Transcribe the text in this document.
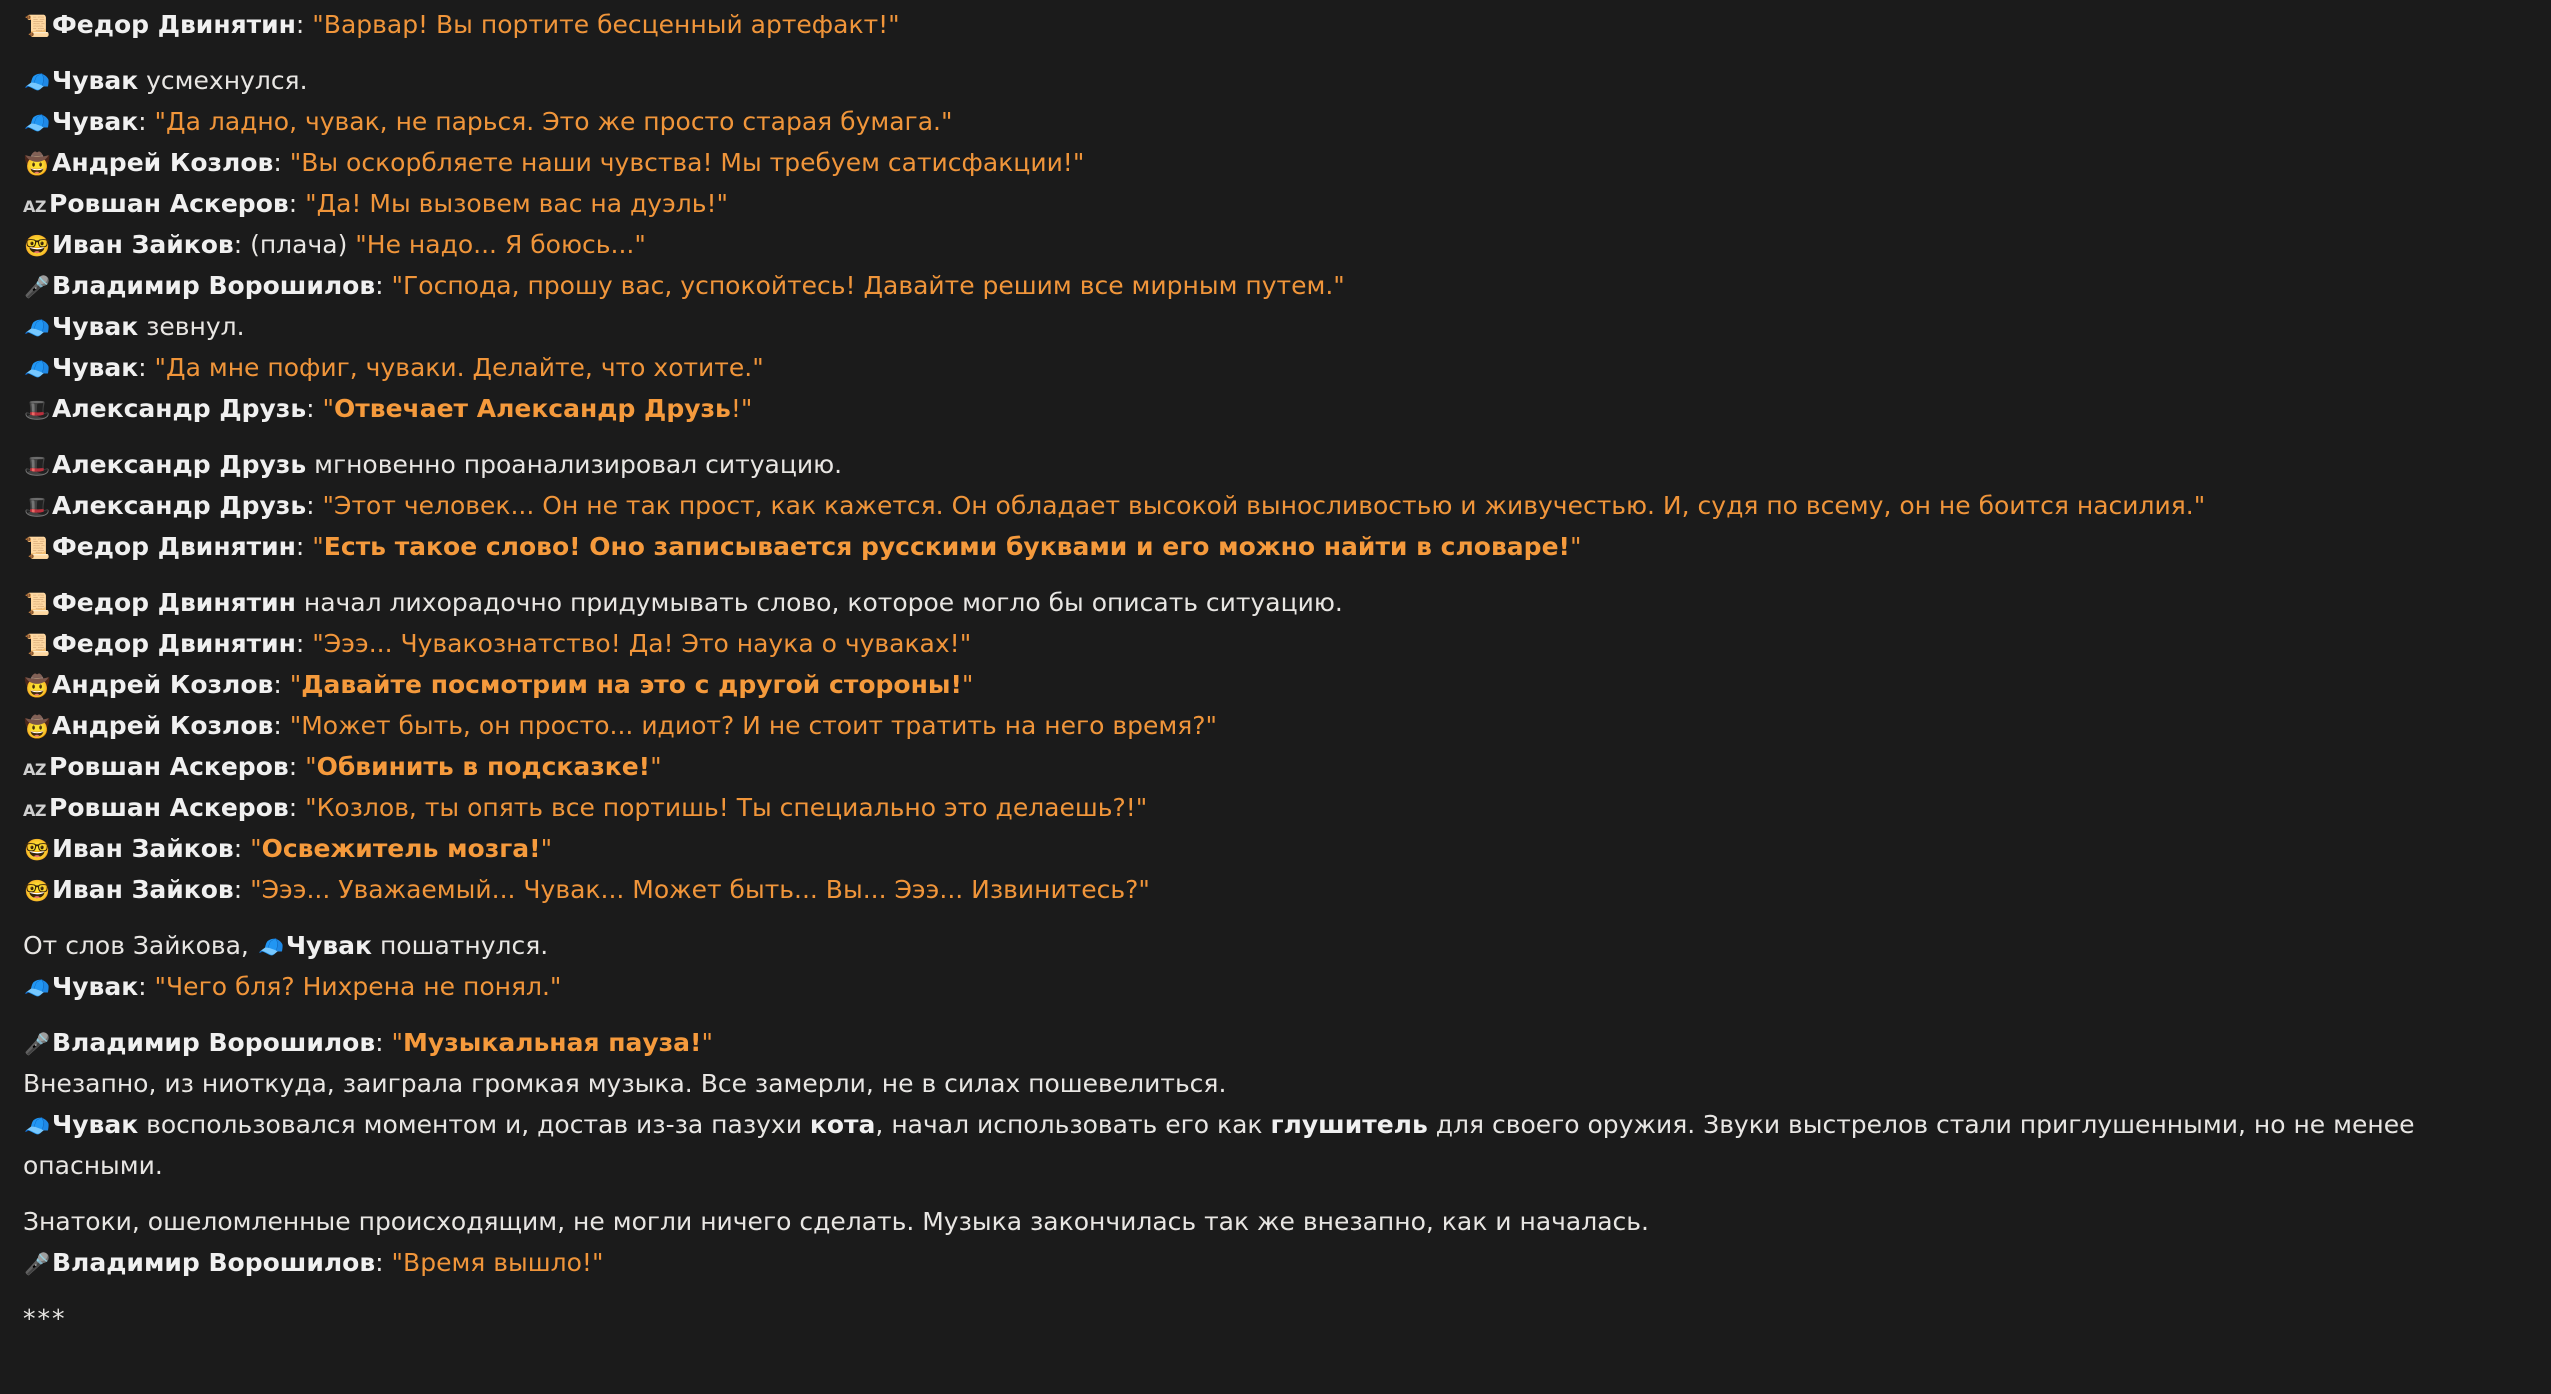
📜Федор Двинятин: "Варвар! Вы портите бесценный артефакт!"
🧢Чувак усмехнулся.
🧢Чувак: "Да ладно, чувак, не парься. Это же просто старая бумага."
🤠Андрей Козлов: "Вы оскорбляете наши чувства! Мы требуем сатисфакции!"
AZ Ровшан Аскеров: "Да! Мы вызовем вас на дуэль!"
🤓Иван Зайков: (плача) "Не надо... Я боюсь..."
🎤Владимир Ворошилов: "Господа, прошу вас, успокойтесь! Давайте решим все мирным путем."
🧢Чувак зевнул.
🧢Чувак: "Да мне пофиг, чуваки. Делайте, что хотите."
🎩Александр Друзь: "Отвечает Александр Друзь!"
🎩Александр Друзь мгновенно проанализировал ситуацию.
🎩Александр Друзь: "Этот человек... Он не так прост, как кажется. Он обладает высокой выносливостью и живучестью. И, судя по всему, он не боится насилия."
📜Федор Двинятин: "Есть такое слово! Оно записывается русскими буквами и его можно найти в словаре!"
📜Федор Двинятин начал лихорадочно придумывать слово, которое могло бы описать ситуацию.
📜Федор Двинятин: "Эээ... Чувакознатство! Да! Это наука о чуваках!"
🤠Андрей Козлов: "Давайте посмотрим на это с другой стороны!"
🤠Андрей Козлов: "Может быть, он просто... идиот? И не стоит тратить на него время?"
AZ Ровшан Аскеров: "Обвинить в подсказке!"
AZ Ровшан Аскеров: "Козлов, ты опять все портишь! Ты специально это делаешь?!"
🤓Иван Зайков: "Освежитель мозга!"
🤓Иван Зайков: "Эээ... Уважаемый... Чувак... Может быть... Вы... Эээ... Извинитесь?"
От слов Зайкова, 🧢Чувак пошатнулся.
🧢Чувак: "Чего бля? Нихрена не понял."
🎤Владимир Ворошилов: "Музыкальная пауза!"
Внезапно, из ниоткуда, заиграла громкая музыка. Все замерли, не в силах пошевелиться.
🧢Чувак воспользовался моментом и, достав из-за пазухи кота, начал использовать его как глушитель для своего оружия. Звуки выстрелов стали приглушенными, но не менее
опасными.
Знатоки, ошеломленные происходящим, не могли ничего сделать. Музыка закончилась так же внезапно, как и началась.
🎤Владимир Ворошилов: "Время вышло!"
***
